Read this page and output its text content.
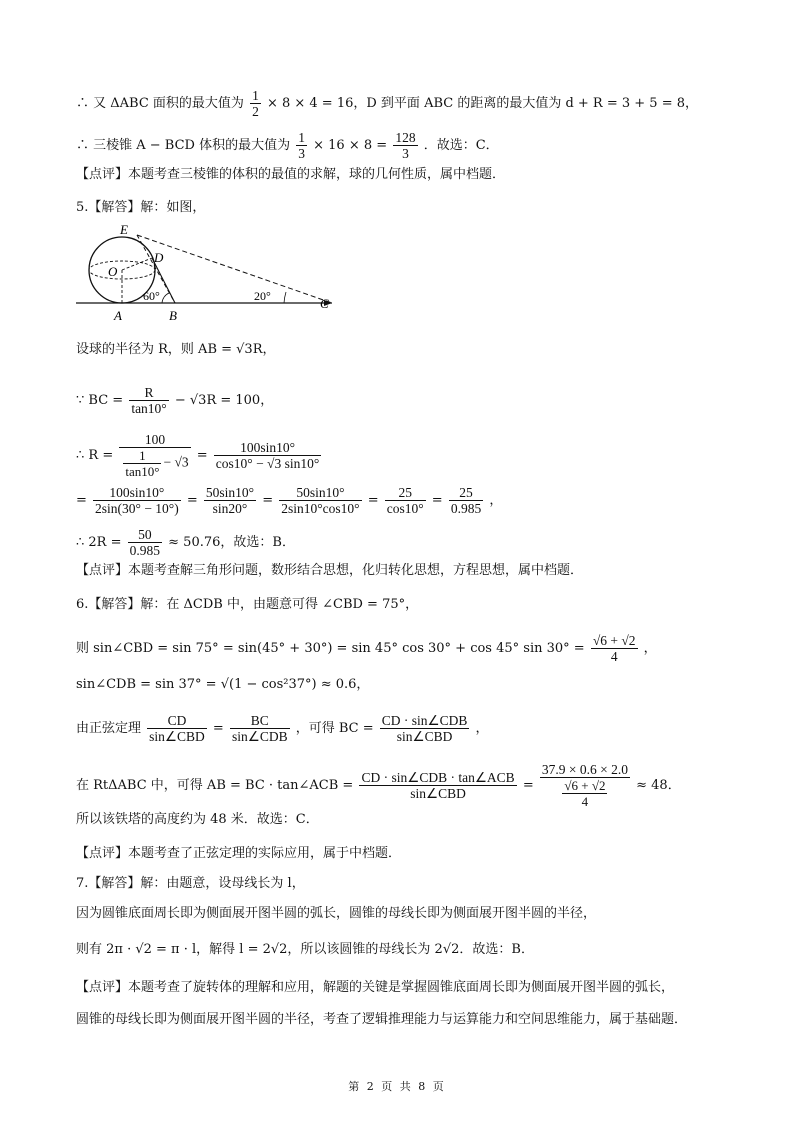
∴ 又 ΔABC 面积的最大值为 $\frac{1}{2} \times 8 \times 4 = 16$，D 到平面 ABC 的距离的最大值为 d + R = 3 + 5 = 8，
∴ 三棱锥 A − BCD 体积的最大值为 $\frac{1}{3} \times 16 \times 8 = \frac{128}{3}$ ．故选：C．
【点评】本题考查三棱锥的体积的最值的求解，球的几何性质，属中档题．
5.【解答】解：如图，
E
D
O
60°	20°
A	B
C
设球的半径为 R，则 AB = √3R，
∵ BC = $\frac{R}{\tan 10^\circ} - √3R = 100$，
∴ $R = \frac{100}{\frac{1}{\tan 10^\circ} - √3} = \frac{100\sin 10^\circ}{\cos 10^\circ - √3 \sin 10^\circ}$
= $\frac{100\sin 10^\circ}{2\sin(30^\circ - 10^\circ)} = \frac{50\sin 10^\circ}{\sin 20^\circ} = \frac{50\sin 10^\circ}{2\sin 10^\circ\cos 10^\circ} = \frac{25}{\cos 10^\circ} = \frac{25}{0.985}$ ，
∴ $2R = \frac{50}{0.985} \approx 50.76$，故选：B．
【点评】本题考查解三角形问题，数形结合思想，化归转化思想，方程思想，属中档题．
6.【解答】解：在 ΔCDB 中，由题意可得 ∠CBD = 75°，
则 sin∠CBD = sin 75° = sin(45° + 30°) = sin 45° cos 30° + cos 45° $\sin 30^\circ = \frac{√6 + √2}{4}$ ，
sin∠CDB = sin 37° = √(1 − cos²37°) ≈ 0.6，
由正弦定理 $\frac{CD}{\text{sin∠CBD}} = \frac{BC}{\text{sin∠CDB}}$ ，可得 BC = $\frac{\text{CD · sin∠CDB}}{\text{sin∠CBD}}$ ，
在 RtΔABC 中，可得 AB = BC · tan∠ACB = $\frac{\text{CD · sin∠CDB · tan∠ACB}}{\text{sin∠CBD}} = \frac{37.9 \times 0.6 \times 2.0}{\frac{√6 + √2}{4}} \approx 48$．
所以该铁塔的高度约为 48 米．故选：C．
【点评】本题考查了正弦定理的实际应用，属于中档题．
7.【解答】解：由题意，设母线长为 l，
因为圆锥底面周长即为侧面展开图半圆的弧长，圆锥的母线长即为侧面展开图半圆的半径，
则有 2π · √2 = π · l，解得 l = 2√2，所以该圆锥的母线长为 2√2．故选：B．
【点评】本题考查了旋转体的理解和应用，解题的关键是掌握圆锥底面周长即为侧面展开图半圆的弧长，
圆锥的母线长即为侧面展开图半圆的半径，考查了逻辑推理能力与运算能力和空间思维能力，属于基础题．
第 2 页 共 8 页
